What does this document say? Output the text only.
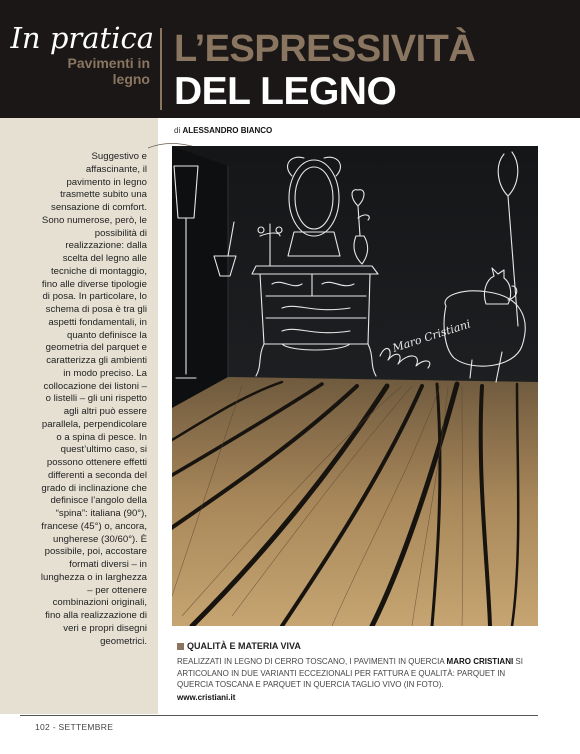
In pratica
Pavimenti in
legno
L’ESPRESSIVITÀ
DEL LEGNO
di ALESSANDRO BIANCO
Suggestivo e affascinante, il pavimento in legno trasmette subito una sensazione di comfort. Sono numerose, però, le possibilità di realizzazione: dalla scelta del legno alle tecniche di montaggio, fino alle diverse tipologie di posa. In particolare, lo schema di posa è tra gli aspetti fondamentali, in quanto definisce la geometria del parquet e caratterizza gli ambienti in modo preciso. La collocazione dei listoni – o listelli – gli uni rispetto agli altri può essere parallela, perpendicolare o a spina di pesce. In quest’ultimo caso, si possono ottenere effetti differenti a seconda del grado di inclinazione che definisce l’angolo della “spina”: italiana (90°), francese (45°) o, ancora, ungherese (30/60°). È possibile, poi, accostare formati diversi – in lunghezza o in larghezza – per ottenere combinazioni originali, fino alla realizzazione di veri e propri disegni geometrici.
Maro Cristiani
QUALITÀ E MATERIA VIVA
REALIZZATI IN LEGNO DI CERRO TOSCANO, I PAVIMENTI IN QUERCIA MARO CRISTIANI SI ARTICOLANO IN DUE VARIANTI ECCEZIONALI PER FATTURA E QUALITÀ: PARQUET IN QUERCIA TOSCANA E PARQUET IN QUERCIA TAGLIO VIVO (IN FOTO).
www.cristiani.it
102 - SETTEMBRE
